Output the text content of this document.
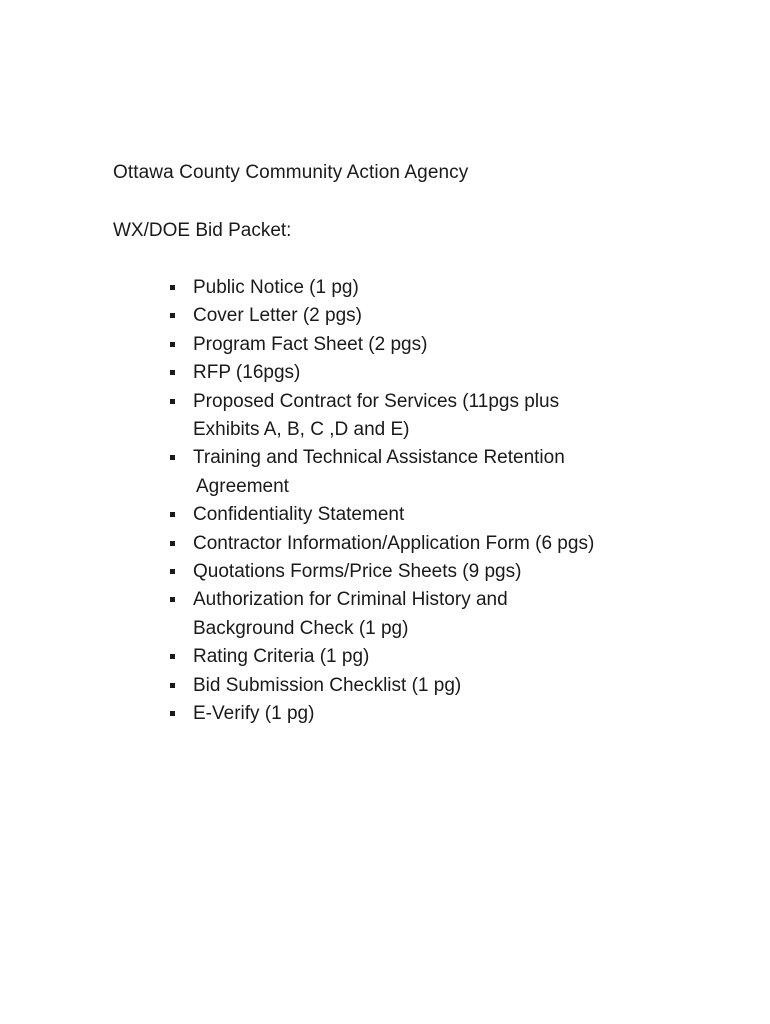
Ottawa County Community Action Agency
WX/DOE Bid Packet:
Public Notice (1 pg)
Cover Letter (2 pgs)
Program Fact Sheet (2 pgs)
RFP (16pgs)
Proposed Contract for Services (11pgs plus
Exhibits A, B, C ,D and E)
Training and Technical Assistance Retention
Agreement
Confidentiality Statement
Contractor Information/Application Form (6 pgs)
Quotations Forms/Price Sheets (9 pgs)
Authorization for Criminal History and
Background Check (1 pg)
Rating Criteria (1 pg)
Bid Submission Checklist (1 pg)
E-Verify (1 pg)
